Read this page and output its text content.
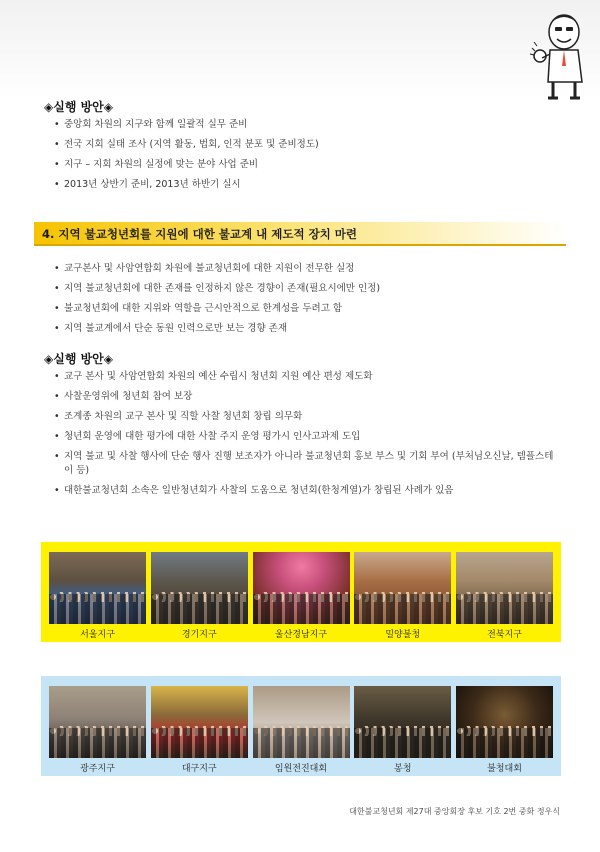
◈실행 방안◈
• 중앙회 차원의 지구와 함께 일괄적 실무 준비
• 전국 지회 실태 조사 (지역 활동, 법회, 인적 분포 및 준비정도)
• 지구 – 지회 차원의 실정에 맞는 분야 사업 준비
• 2013년 상반기 준비, 2013년 하반기 실시
4. 지역 불교청년회를 지원에 대한 불교계 내 제도적 장치 마련
• 교구본사 및 사암연합회 차원에 불교청년회에 대한 지원이 전무한 실정
• 지역 불교청년회에 대한 존재를 인정하지 않은 경향이 존재(필요시에만 인정)
• 불교청년회에 대한 지위와 역할을 근시안적으로 한계성을 두려고 함
• 지역 불교계에서 단순 동원 인력으로만 보는 경향 존재
◈실행 방안◈
• 교구 본사 및 사암연합회 차원의 예산 수립시 청년회 지원 예산 편성 제도화
• 사찰운영위에 청년회 참여 보장
• 조계종 차원의 교구 본사 및 직할 사찰 청년회 창립 의무화
• 청년회 운영에 대한 평가에 대한 사찰 주지 운영 평가시 인사고과제 도입
• 지역 불교 및 사찰 행사에 단순 행사 진행 보조자가 아니라 불교청년회 홍보 부스 및 기회 부여 (부처님오신날, 템플스테이 등)
• 대한불교청년회 소속은 일반청년회가 사찰의 도움으로 청년회(한청계열)가 창립된 사례가 있음
서울지구	경기지구	울산경남지구	밀양불청	전북지구
광주지구	대구지구	임원전진대회	봉청	불청대회
대한불교청년회 제27대 중앙회장 후보 기호 2번 중화 정우식
